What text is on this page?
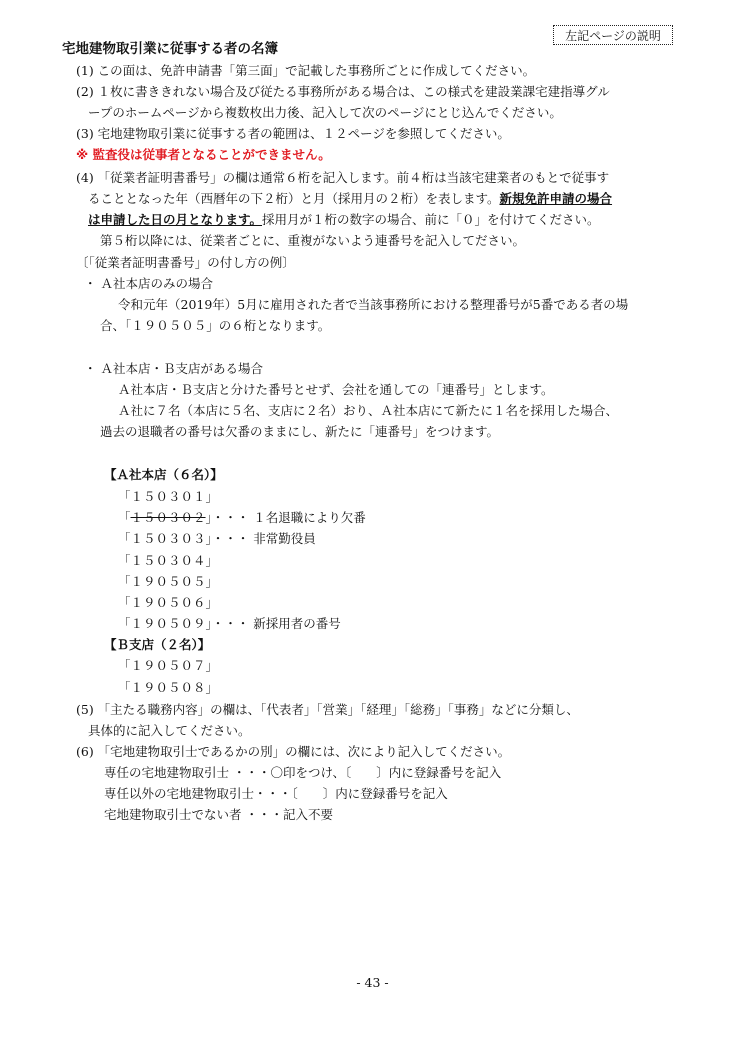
左記ページの説明
宅地建物取引業に従事する者の名簿
(1) この面は、免許申請書「第三面」で記載した事務所ごとに作成してください。
(2) １枚に書ききれない場合及び従たる事務所がある場合は、この様式を建設業課宅建指導グル
ープのホームページから複数枚出力後、記入して次のページにとじ込んでください。
(3) 宅地建物取引業に従事する者の範囲は、１２ページを参照してください。
※ 監査役は従事者となることができません。
(4) 「従業者証明書番号」の欄は通常６桁を記入します。前４桁は当該宅建業者のもとで従事す
ることとなった年（西暦年の下２桁）と月（採用月の２桁）を表します。新規免許申請の場合
は申請した日の月となります。採用月が１桁の数字の場合、前に「０」を付けてください。
第５桁以降には、従業者ごとに、重複がないよう連番号を記入してださい。
〔「従業者証明書番号」の付し方の例〕
・ Ａ社本店のみの場合
令和元年（2019年）5月に雇用された者で当該事務所における整理番号が5番である者の場
合、「１９０５０５」の６桁となります。
・ Ａ社本店・Ｂ支店がある場合
Ａ社本店・Ｂ支店と分けた番号とせず、会社を通しての「連番号」とします。
Ａ社に７名（本店に５名、支店に２名）おり、Ａ社本店にて新たに１名を採用した場合、
過去の退職者の番号は欠番のままにし、新たに「連番号」をつけます。
【Ａ社本店（６名）】
「１５０３０１」
「１５０３０２」・・・ １名退職により欠番
「１５０３０３」・・・ 非常勤役員
「１５０３０４」
「１９０５０５」
「１９０５０６」
「１９０５０９」・・・ 新採用者の番号
【Ｂ支店（２名）】
「１９０５０７」
「１９０５０８」
(5) 「主たる職務内容」の欄は、「代表者」「営業」「経理」「総務」「事務」などに分類し、
具体的に記入してください。
(6) 「宅地建物取引士であるかの別」の欄には、次により記入してください。
専任の宅地建物取引士 ・・・〇印をつけ、〔　　〕内に登録番号を記入
専任以外の宅地建物取引士・・・〔　　〕内に登録番号を記入
宅地建物取引士でない者 ・・・記入不要
- 43 -
